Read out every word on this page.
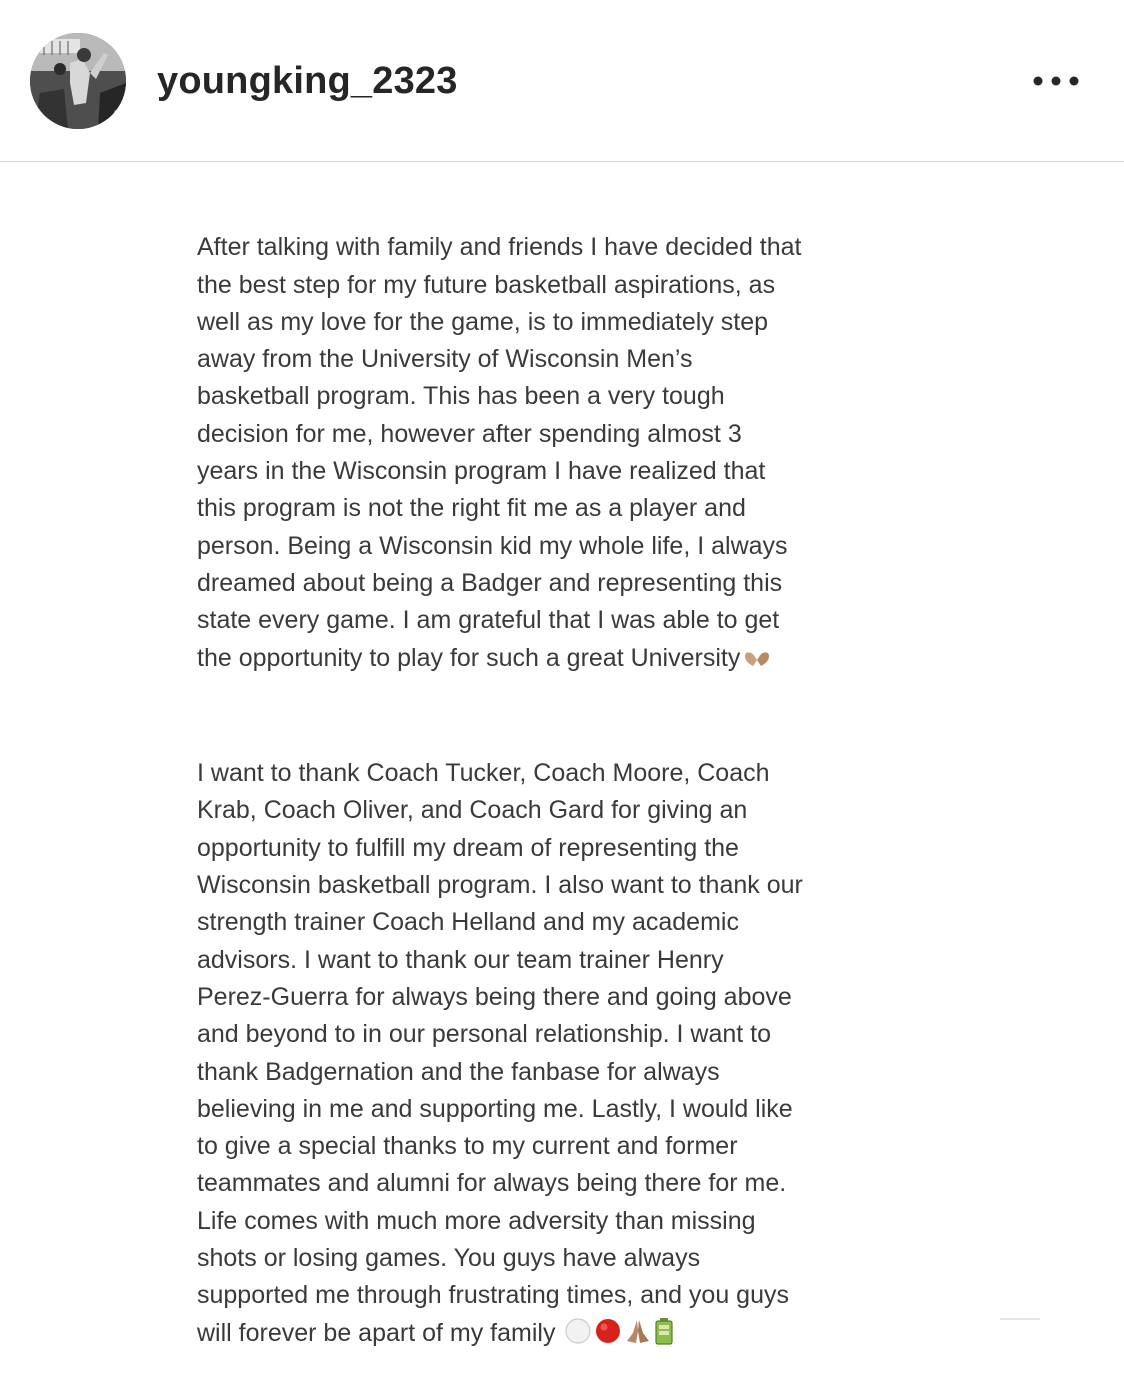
31
youngking_2323

After talking with family and friends I have decided that
the best step for my future basketball aspirations, as
well as my love for the game, is to immediately step
away from the University of Wisconsin Men’s
basketball program. This has been a very tough
decision for me, however after spending almost 3
years in the Wisconsin program I have realized that
this program is not the right fit me as a player and
person. Being a Wisconsin kid my whole life, I always
dreamed about being a Badger and representing this
state every game. I am grateful that I was able to get
the opportunity to play for such a great University

I want to thank Coach Tucker, Coach Moore, Coach
Krab, Coach Oliver, and Coach Gard for giving an
opportunity to fulfill my dream of representing the
Wisconsin basketball program. I also want to thank our
strength trainer Coach Helland and my academic
advisors. I want to thank our team trainer Henry
Perez-Guerra for always being there and going above
and beyond to in our personal relationship. I want to
thank Badgernation and the fanbase for always
believing in me and supporting me. Lastly, I would like
to give a special thanks to my current and former
teammates and alumni for always being there for me.
Life comes with much more adversity than missing
shots or losing games. You guys have always
supported me through frustrating times, and you guys
will forever be apart of my family
